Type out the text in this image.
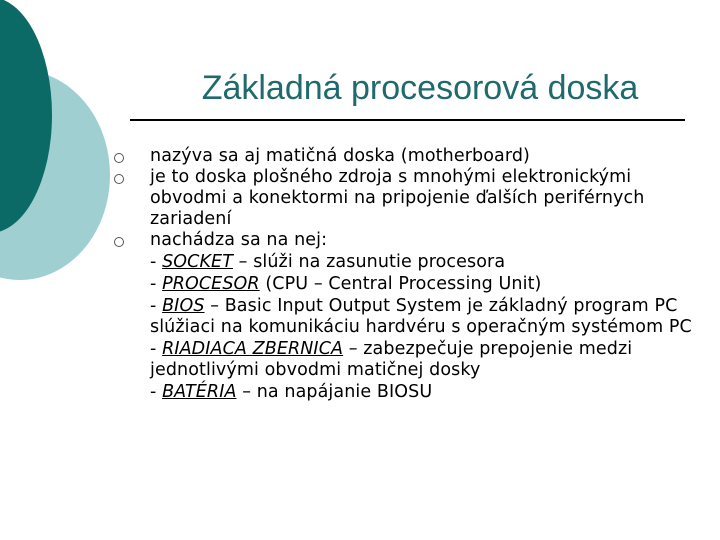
Základná procesorová doska
nazýva sa aj matičná doska (motherboard)
je to doska plošného zdroja s mnohými elektronickými obvodmi a konektormi na pripojenie ďalších periférnych zariadení
nachádza sa na nej:
- SOCKET – slúži na zasunutie procesora
- PROCESOR (CPU – Central Processing Unit)
- BIOS – Basic Input Output System je základný program PC slúžiaci na komunikáciu hardvéru s operačným systémom PC
- RIADIACA ZBERNICA – zabezpečuje prepojenie medzi jednotlivými obvodmi matičnej dosky
- BATÉRIA – na napájanie BIOSU
